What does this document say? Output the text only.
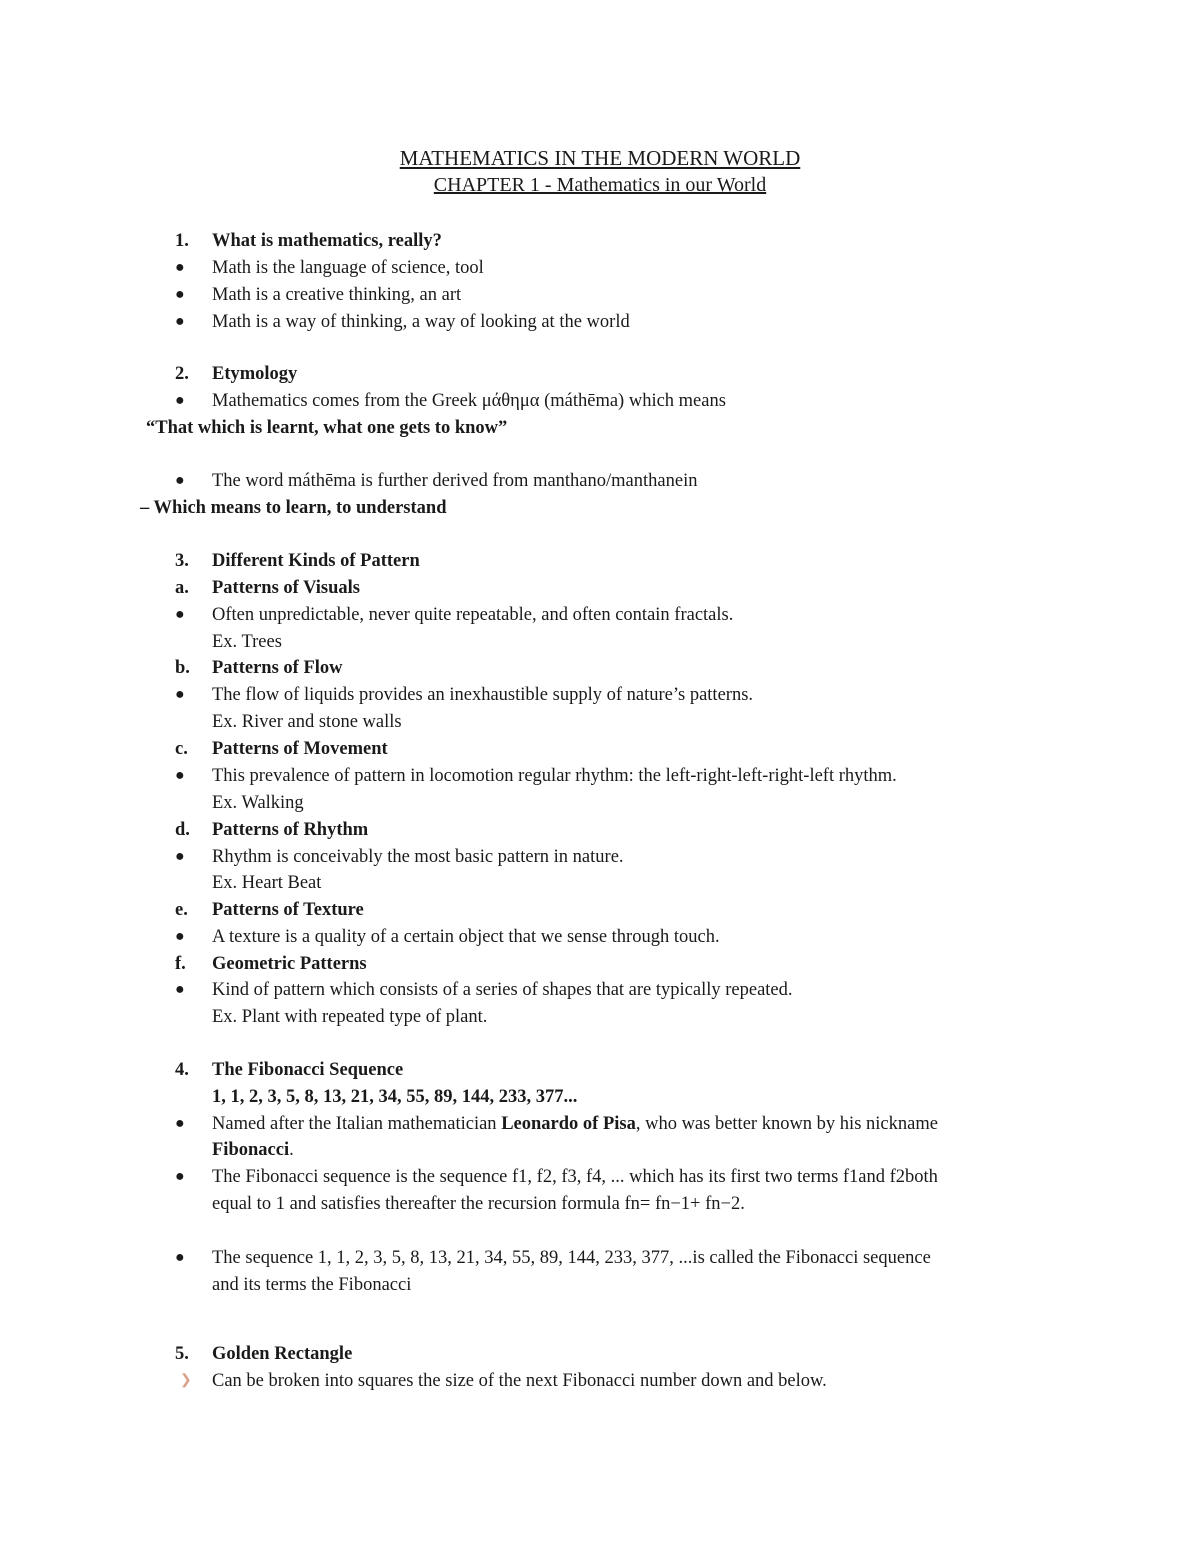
MATHEMATICS IN THE MODERN WORLD
CHAPTER 1 - Mathematics in our World
1. What is mathematics, really?
● Math is the language of science, tool
● Math is a creative thinking, an art
● Math is a way of thinking, a way of looking at the world
2. Etymology
● Mathematics comes from the Greek μάθημα (máthēma) which means
“That which is learnt, what one gets to know”
● The word máthēma is further derived from manthano/manthanein
– Which means to learn, to understand
3. Different Kinds of Pattern
a. Patterns of Visuals
● Often unpredictable, never quite repeatable, and often contain fractals.
Ex. Trees
b. Patterns of Flow
● The flow of liquids provides an inexhaustible supply of nature’s patterns.
Ex. River and stone walls
c. Patterns of Movement
● This prevalence of pattern in locomotion regular rhythm: the left-right-left-right-left rhythm.
Ex. Walking
d. Patterns of Rhythm
● Rhythm is conceivably the most basic pattern in nature.
Ex. Heart Beat
e. Patterns of Texture
● A texture is a quality of a certain object that we sense through touch.
f. Geometric Patterns
● Kind of pattern which consists of a series of shapes that are typically repeated.
Ex. Plant with repeated type of plant.
4. The Fibonacci Sequence
1, 1, 2, 3, 5, 8, 13, 21, 34, 55, 89, 144, 233, 377...
● Named after the Italian mathematician Leonardo of Pisa, who was better known by his nickname
Fibonacci.
● The Fibonacci sequence is the sequence f1, f2, f3, f4, ... which has its first two terms f1and f2both
equal to 1 and satisfies thereafter the recursion formula fn= fn−1+ fn−2.
● The sequence 1, 1, 2, 3, 5, 8, 13, 21, 34, 55, 89, 144, 233, 377, ...is called the Fibonacci sequence
and its terms the Fibonacci
5. Golden Rectangle
❯ Can be broken into squares the size of the next Fibonacci number down and below.
